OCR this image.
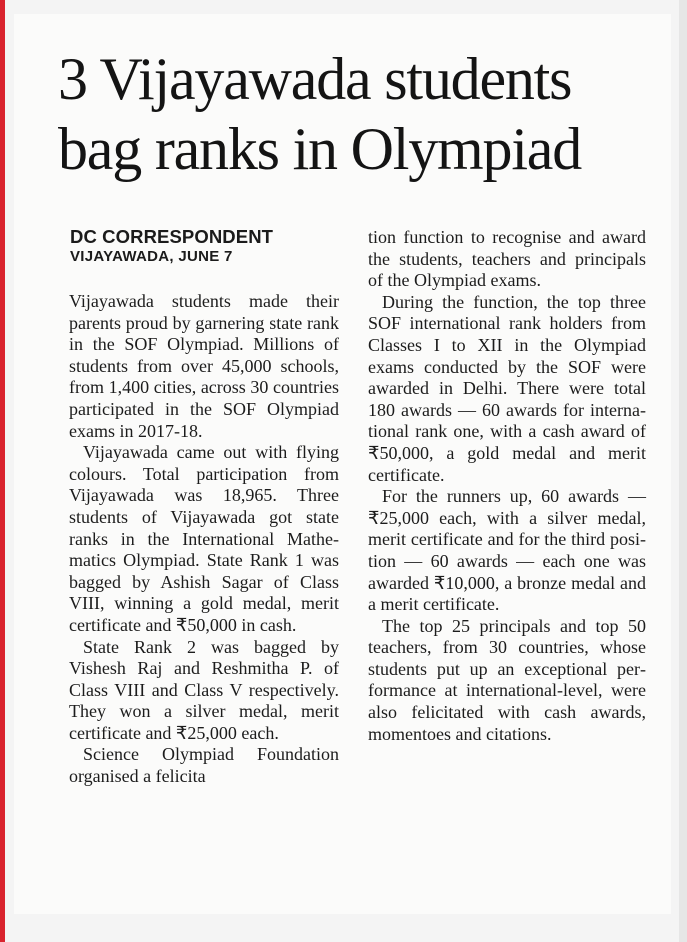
3 Vijayawada students
bag ranks in Olympiad
DC CORRESPONDENT
VIJAYAWADA, JUNE 7

Vijayawada students made their parents proud by garnering state rank in the SOF Olympiad. Millions of students from over 45,000 schools, from 1,400 cities, across 30 countries participated in the SOF Olympiad exams in 2017-18.

Vijayawada came out with flying colours. Total participation from Vijayawada was 18,965. Three students of Vijayawada got state ranks in the International Mathematics Olympiad. State Rank 1 was bagged by Ashish Sagar of Class VIII, winning a gold medal, merit certificate and ₹50,000 in cash.

State Rank 2 was bagged by Vishesh Raj and Reshmitha P. of Class VIII and Class V respectively. They won a silver medal, merit certificate and ₹25,000 each.

Science Olympiad Foundation organised a felicita

tion function to recognise and award the students, teachers and principals of the Olympiad exams.

During the function, the top three SOF international rank holders from Classes I to XII in the Olympiad exams conducted by the SOF were awarded in Delhi. There were total 180 awards — 60 awards for international rank one, with a cash award of ₹50,000, a gold medal and merit certificate.

For the runners up, 60 awards — ₹25,000 each, with a silver medal, merit certificate and for the third position — 60 awards — each one was awarded ₹10,000, a bronze medal and a merit certificate.

The top 25 principals and top 50 teachers, from 30 countries, whose students put up an exceptional performance at international-level, were also felicitated with cash awards, momentoes and citations.
